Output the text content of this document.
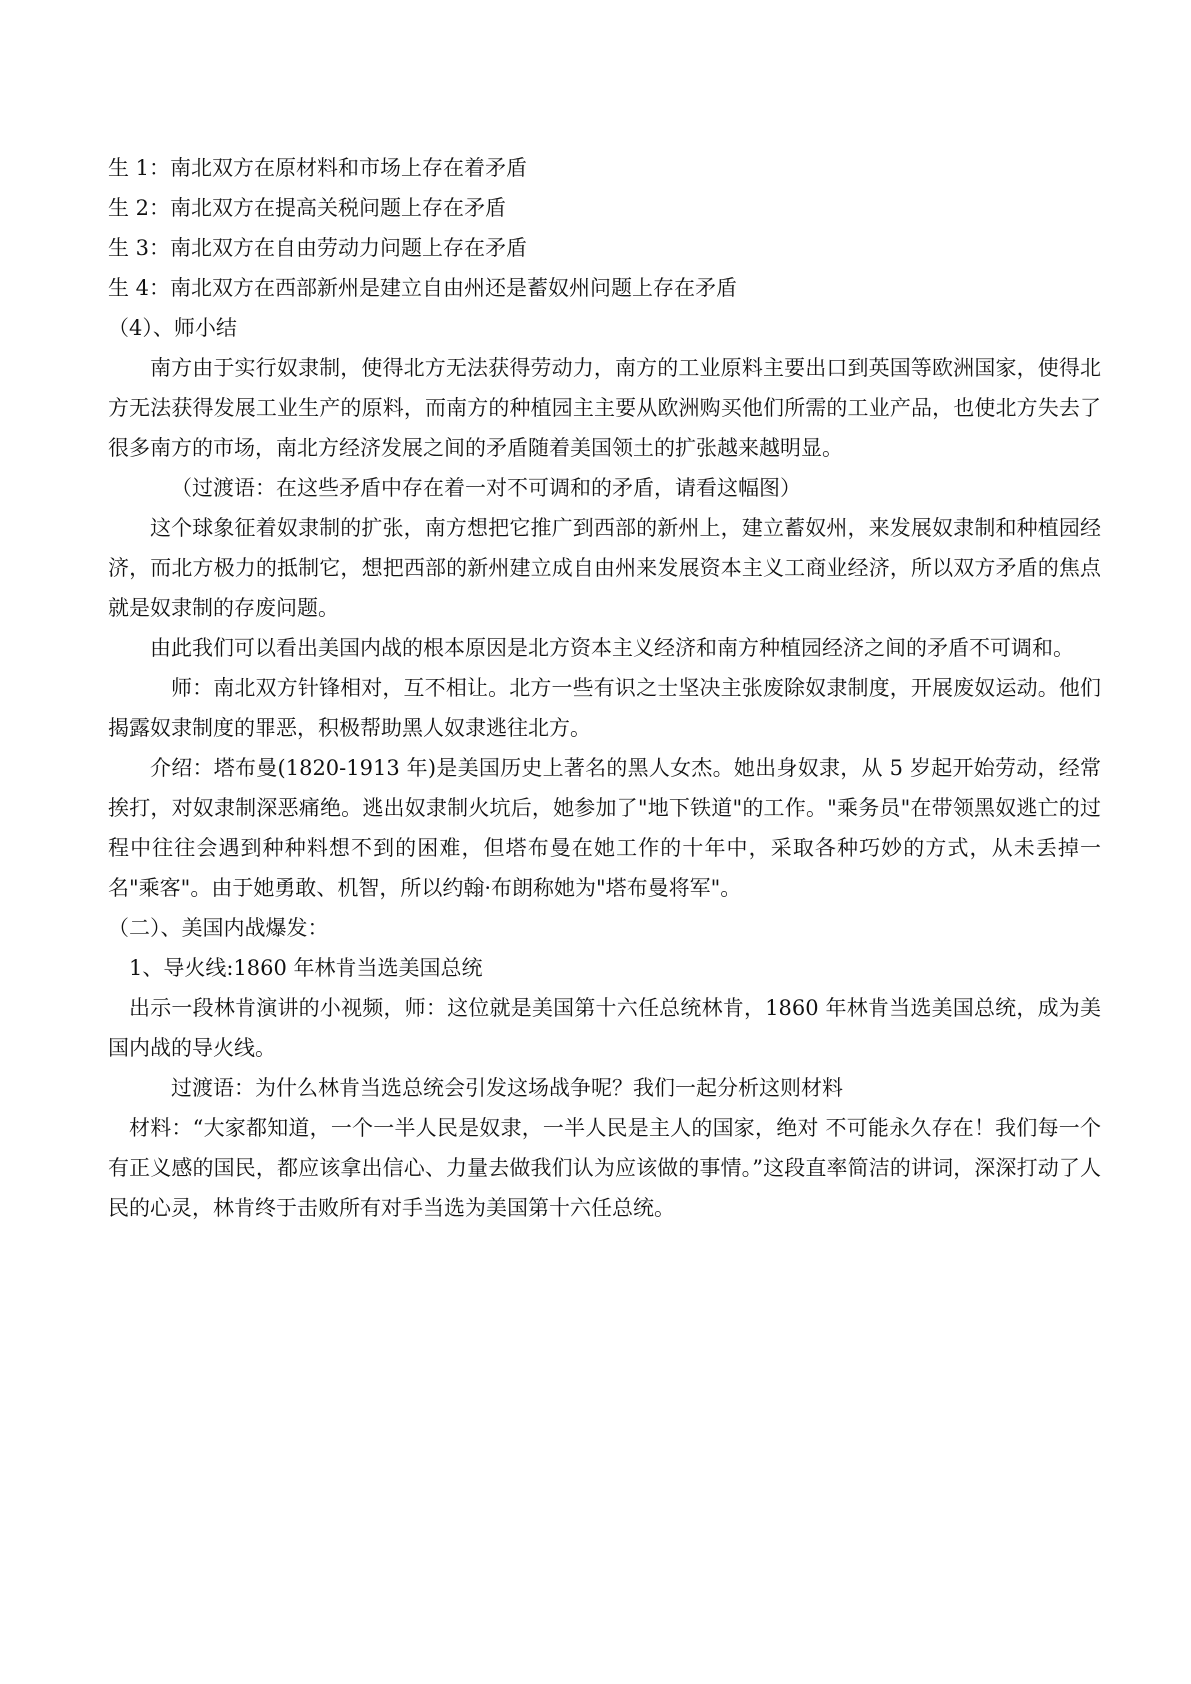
生 1：南北双方在原材料和市场上存在着矛盾

生 2：南北双方在提高关税问题上存在矛盾

生 3：南北双方在自由劳动力问题上存在矛盾

生 4：南北双方在西部新州是建立自由州还是蓄奴州问题上存在矛盾

（4）、师小结

南方由于实行奴隶制，使得北方无法获得劳动力，南方的工业原料主要出口到英国等欧洲国家，使得北方无法获得发展工业生产的原料，而南方的种植园主主要从欧洲购买他们所需的工业产品，也使北方失去了很多南方的市场，南北方经济发展之间的矛盾随着美国领土的扩张越来越明显。

（过渡语：在这些矛盾中存在着一对不可调和的矛盾，请看这幅图）

这个球象征着奴隶制的扩张，南方想把它推广到西部的新州上，建立蓄奴州，来发展奴隶制和种植园经济，而北方极力的抵制它，想把西部的新州建立成自由州来发展资本主义工商业经济，所以双方矛盾的焦点就是奴隶制的存废问题。

由此我们可以看出美国内战的根本原因是北方资本主义经济和南方种植园经济之间的矛盾不可调和。

师：南北双方针锋相对，互不相让。北方一些有识之士坚决主张废除奴隶制度，开展废奴运动。他们揭露奴隶制度的罪恶，积极帮助黑人奴隶逃往北方。

介绍：塔布曼(1820-1913 年)是美国历史上著名的黑人女杰。她出身奴隶，从 5 岁起开始劳动，经常挨打，对奴隶制深恶痛绝。逃出奴隶制火坑后，她参加了"地下铁道"的工作。"乘务员"在带领黑奴逃亡的过程中往往会遇到种种料想不到的困难，但塔布曼在她工作的十年中，采取各种巧妙的方式，从未丢掉一名"乘客"。由于她勇敢、机智，所以约翰·布朗称她为"塔布曼将军"。

（二）、美国内战爆发：

1、导火线:1860 年林肯当选美国总统

出示一段林肯演讲的小视频，师：这位就是美国第十六任总统林肯，1860 年林肯当选美国总统，成为美国内战的导火线。

过渡语：为什么林肯当选总统会引发这场战争呢？我们一起分析这则材料

材料：“大家都知道，一个一半人民是奴隶，一半人民是主人的国家，绝对 不可能永久存在！我们每一个有正义感的国民，都应该拿出信心、力量去做我们认为应该做的事情。”这段直率简洁的讲词，深深打动了人民的心灵，林肯终于击败所有对手当选为美国第十六任总统。
